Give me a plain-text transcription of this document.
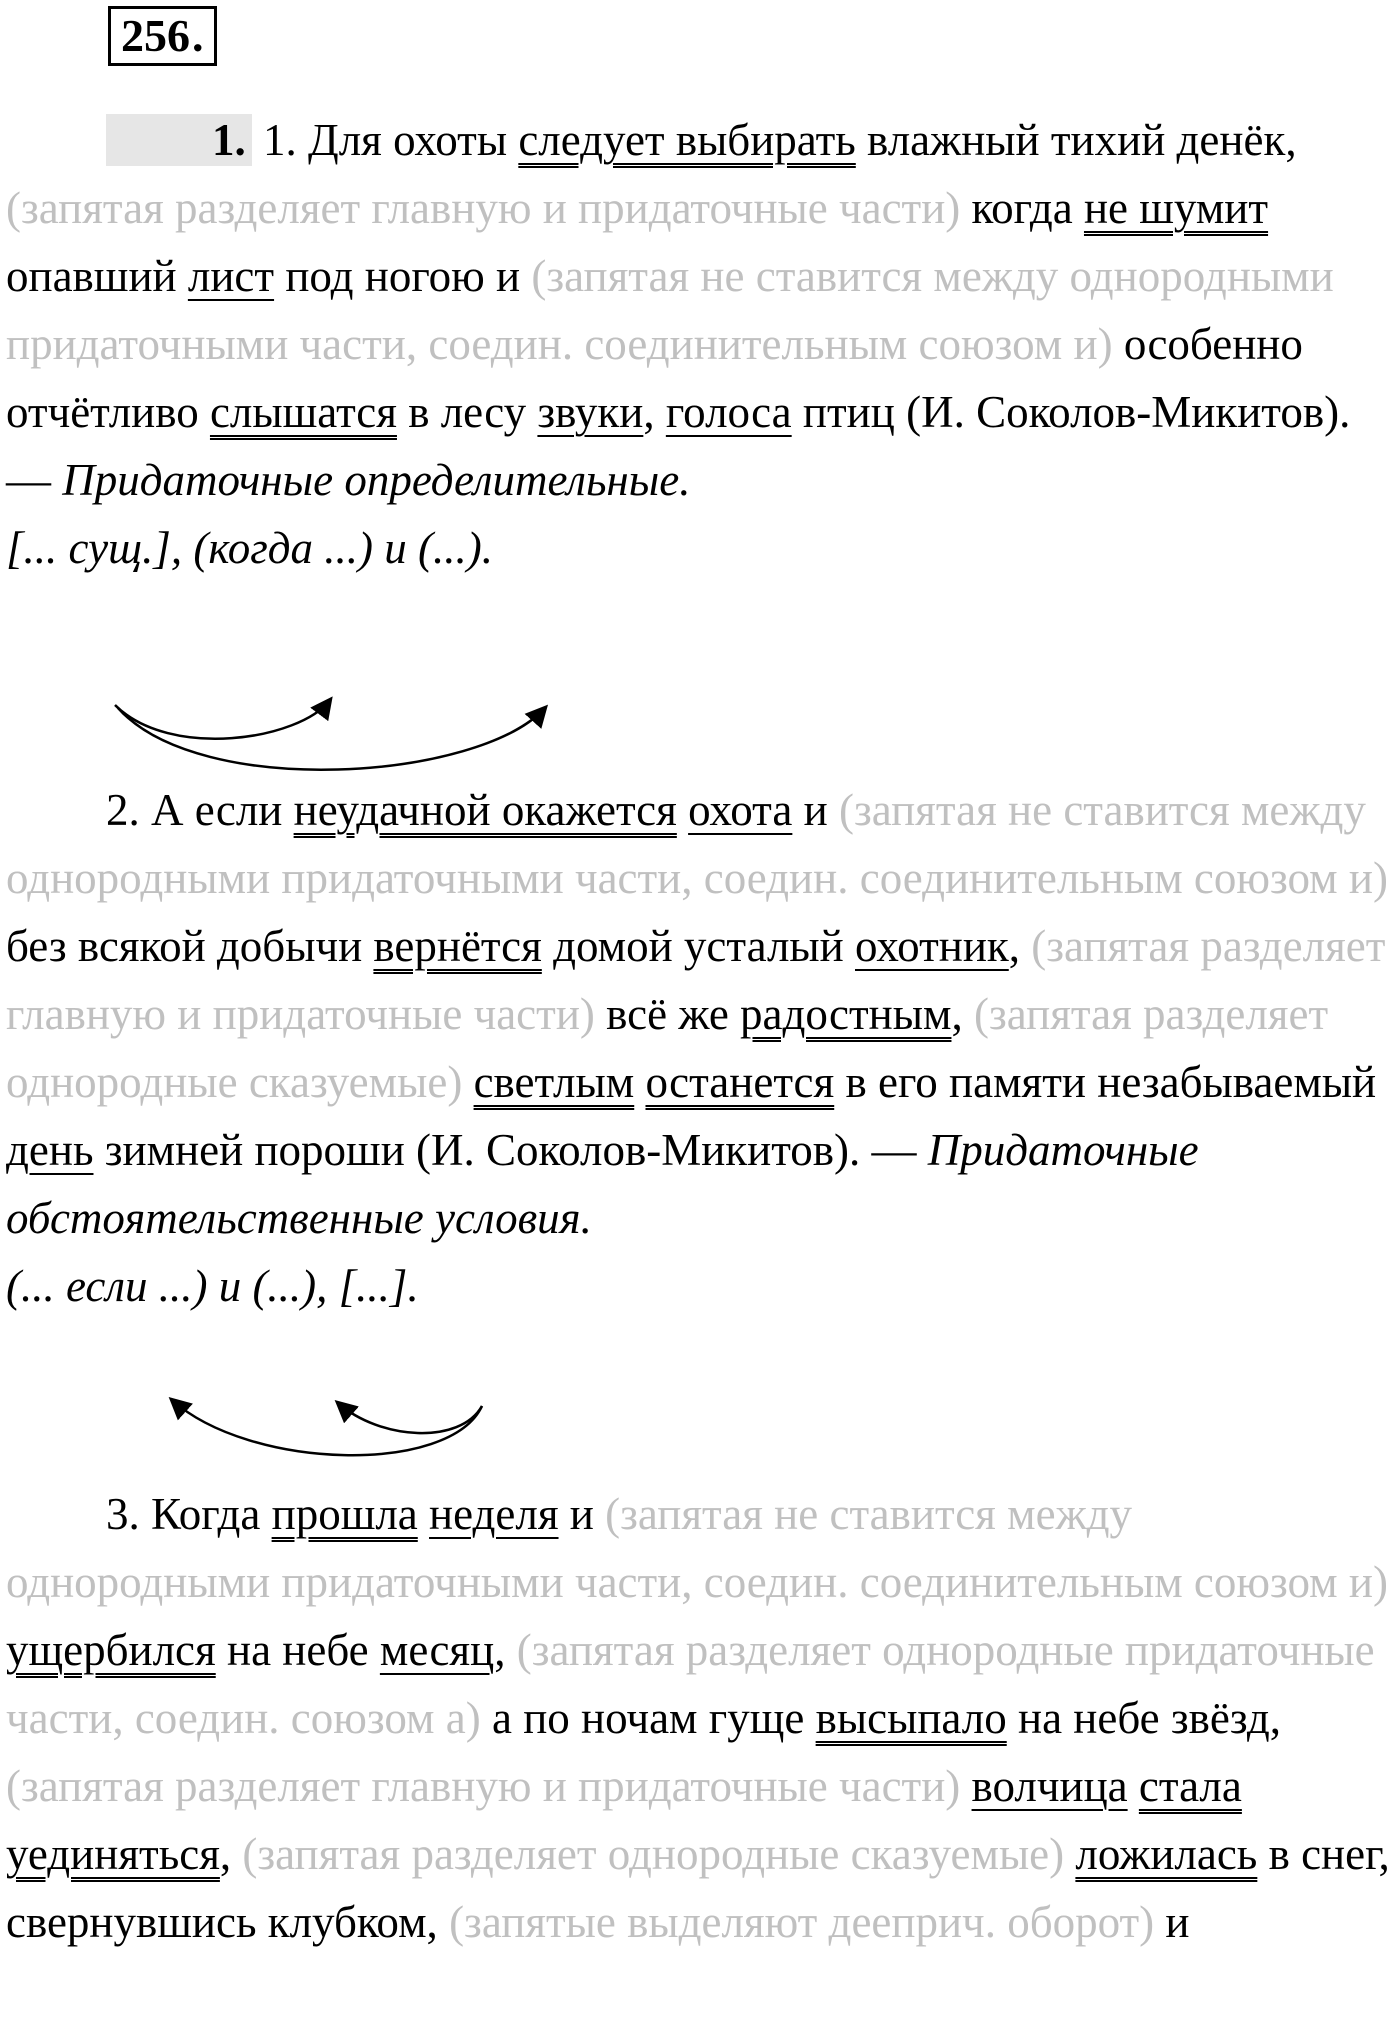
256.

1. 1. Для охоты следует выбирать влажный тихий денёк, (запятая разделяет главную и придаточные части) когда не шумит опавший лист под ногою и (запятая не ставится между однородными придаточными части, соедин. соединительным союзом и) особенно отчётливо слышатся в лесу звуки, голоса птиц (И. Соколов-Микитов). — Придаточные определительные.

[... сущ.], (когда ...) и (...).

2. А если неудачной окажется охота и (запятая не ставится между однородными придаточными части, соедин. соединительным союзом и) без всякой добычи вернётся домой усталый охотник, (запятая разделяет главную и придаточные части) всё же радостным, (запятая разделяет однородные сказуемые) светлым останется в его памяти незабываемый день зимней пороши (И. Соколов-Микитов). — Придаточные обстоятельственные условия.

(... если ...) и (...), [...].

3. Когда прошла неделя и (запятая не ставится между однородными придаточными части, соедин. соединительным союзом и) ущербился на небе месяц, (запятая разделяет однородные придаточные части, соедин. союзом а) а по ночам гуще высыпало на небе звёзд, (запятая разделяет главную и придаточные части) волчица стала уединяться, (запятая разделяет однородные сказуемые) ложилась в снег, свернувшись клубком, (запятые выделяют дееприч. оборот) и
